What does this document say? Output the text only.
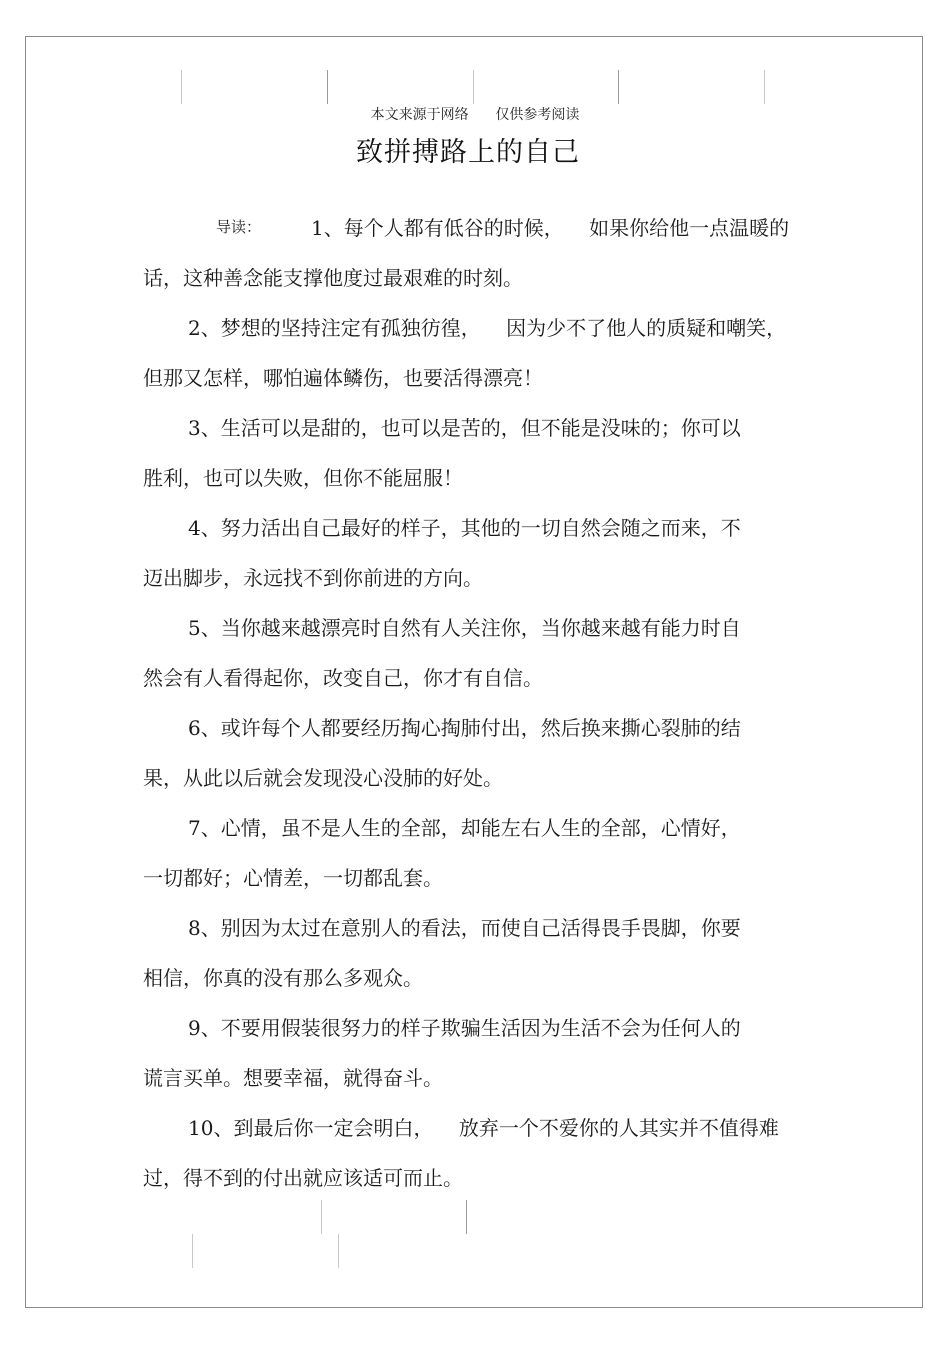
本文来源于网络      仅供参考阅读
致拼搏路上的自己
导读： 1、每个人都有低谷的时候，    如果你给他一点温暖的
话，这种善念能支撑他度过最艰难的时刻。
2、梦想的坚持注定有孤独彷徨，    因为少不了他人的质疑和嘲笑，
但那又怎样，哪怕遍体鳞伤，也要活得漂亮！
3、生活可以是甜的，也可以是苦的，但不能是没味的；你可以
胜利，也可以失败，但你不能屈服！
4、努力活出自己最好的样子，其他的一切自然会随之而来，不
迈出脚步，永远找不到你前进的方向。
5、当你越来越漂亮时自然有人关注你，当你越来越有能力时自
然会有人看得起你，改变自己，你才有自信。
6、或许每个人都要经历掏心掏肺付出，然后换来撕心裂肺的结
果，从此以后就会发现没心没肺的好处。
7、心情，虽不是人生的全部，却能左右人生的全部，心情好，
一切都好；心情差，一切都乱套。
8、别因为太过在意别人的看法，而使自己活得畏手畏脚，你要
相信，你真的没有那么多观众。
9、不要用假装很努力的样子欺骗生活因为生活不会为任何人的
谎言买单。想要幸福，就得奋斗。
10、到最后你一定会明白，    放弃一个不爱你的人其实并不值得难
过，得不到的付出就应该适可而止。
